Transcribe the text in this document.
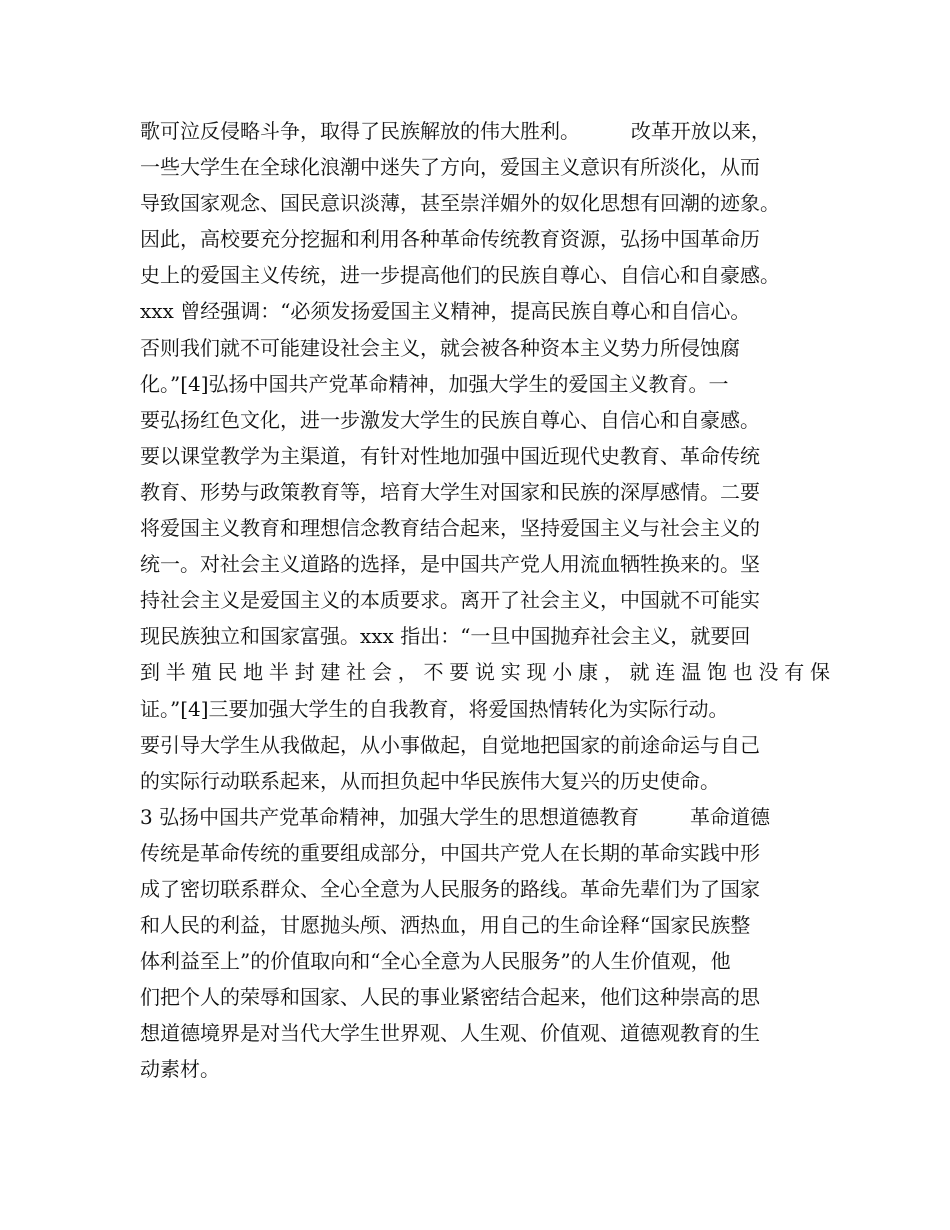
歌可泣反侵略斗争，取得了民族解放的伟大胜利。        改革开放以来，

一些大学生在全球化浪潮中迷失了方向，爱国主义意识有所淡化，从而

导致国家观念、国民意识淡薄，甚至崇洋媚外的奴化思想有回潮的迹象。

因此，高校要充分挖掘和利用各种革命传统教育资源，弘扬中国革命历

史上的爱国主义传统，进一步提高他们的民族自尊心、自信心和自豪感。

xxx 曾经强调：“必须发扬爱国主义精神，提高民族自尊心和自信心。

否则我们就不可能建设社会主义，就会被各种资本主义势力所侵蚀腐

化。”[4]弘扬中国共产党革命精神，加强大学生的爱国主义教育。一

要弘扬红色文化，进一步激发大学生的民族自尊心、自信心和自豪感。

要以课堂教学为主渠道，有针对性地加强中国近现代史教育、革命传统

教育、形势与政策教育等，培育大学生对国家和民族的深厚感情。二要

将爱国主义教育和理想信念教育结合起来，坚持爱国主义与社会主义的

统一。对社会主义道路的选择，是中国共产党人用流血牺牲换来的。坚

持社会主义是爱国主义的本质要求。离开了社会主义，中国就不可能实

现民族独立和国家富强。xxx 指出：“一旦中国抛弃社会主义，就要回

到半殖民地半封建社会，不要说实现小康，就连温饱也没有保

证。”[4]三要加强大学生的自我教育，将爱国热情转化为实际行动。

要引导大学生从我做起，从小事做起，自觉地把国家的前途命运与自己

的实际行动联系起来，从而担负起中华民族伟大复兴的历史使命。

3 弘扬中国共产党革命精神，加强大学生的思想道德教育        革命道德

传统是革命传统的重要组成部分，中国共产党人在长期的革命实践中形

成了密切联系群众、全心全意为人民服务的路线。革命先辈们为了国家

和人民的利益，甘愿抛头颅、洒热血，用自己的生命诠释“国家民族整

体利益至上”的价值取向和“全心全意为人民服务”的人生价值观，他

们把个人的荣辱和国家、人民的事业紧密结合起来，他们这种崇高的思

想道德境界是对当代大学生世界观、人生观、价值观、道德观教育的生

动素材。
